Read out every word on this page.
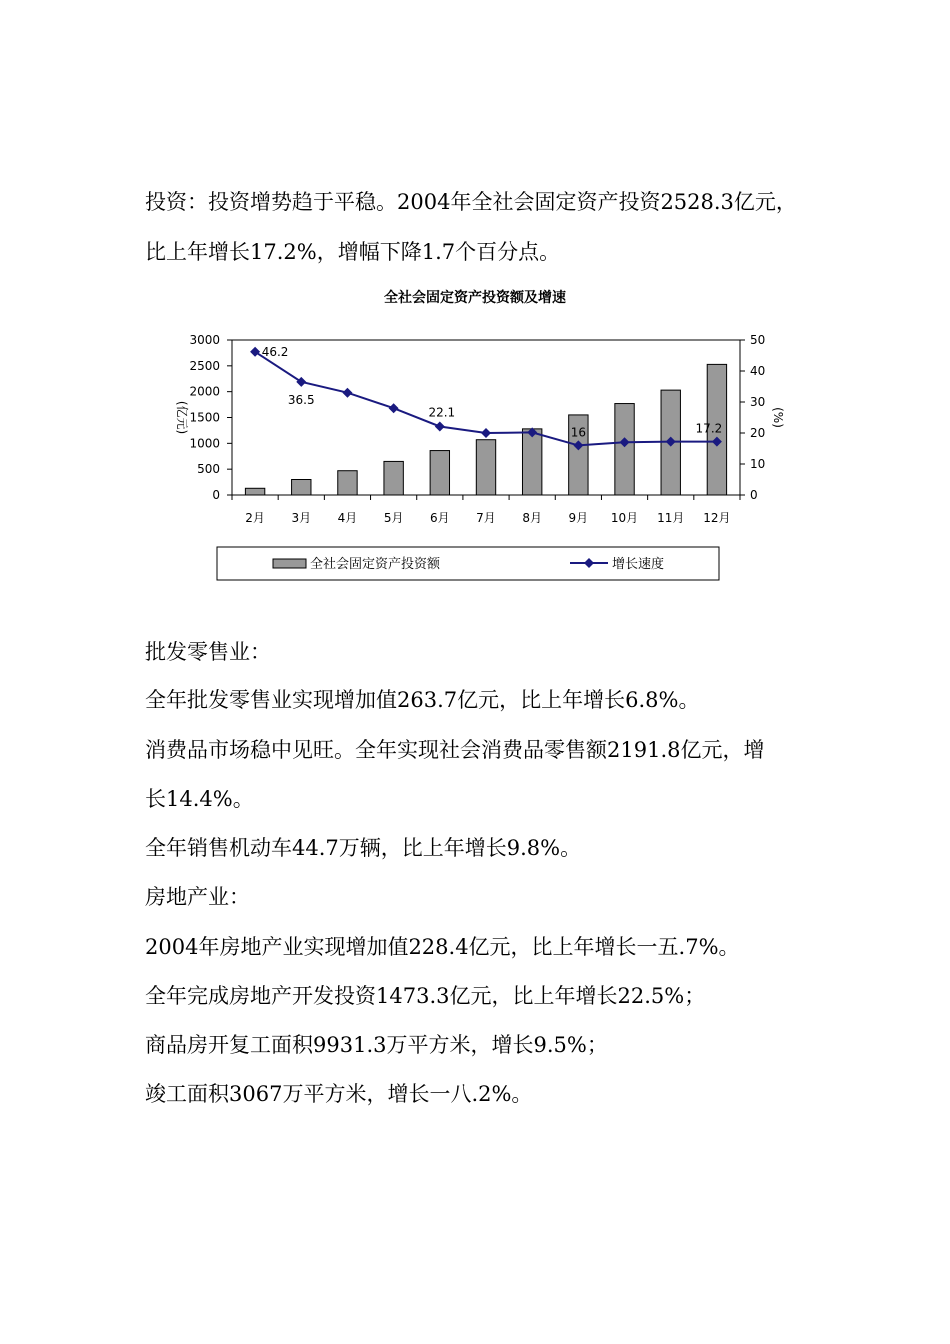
投资：投资增势趋于平稳。2004年全社会固定资产投资2528.3亿元，
比上年增长17.2%，增幅下降1.7个百分点。
全社会固定资产投资额及增速
0
500
1000
1500
2000
2500
3000
0
10
20
30
40
50
2月 3月 4月 5月 6月 7月 8月 9月 10月 11月 12月
(亿元)	(%)
46.2
36.5
22.1
16	17.2
全社会固定资产投资额	增长速度
批发零售业：
全年批发零售业实现增加值263.7亿元，比上年增长6.8%。
消费品市场稳中见旺。全年实现社会消费品零售额2191.8亿元，增
长14.4%。
全年销售机动车44.7万辆，比上年增长9.8%。
房地产业：
2004年房地产业实现增加值228.4亿元，比上年增长一五.7%。
全年完成房地产开发投资1473.3亿元，比上年增长22.5%；
商品房开复工面积9931.3万平方米，增长9.5%；
竣工面积3067万平方米，增长一八.2%。
